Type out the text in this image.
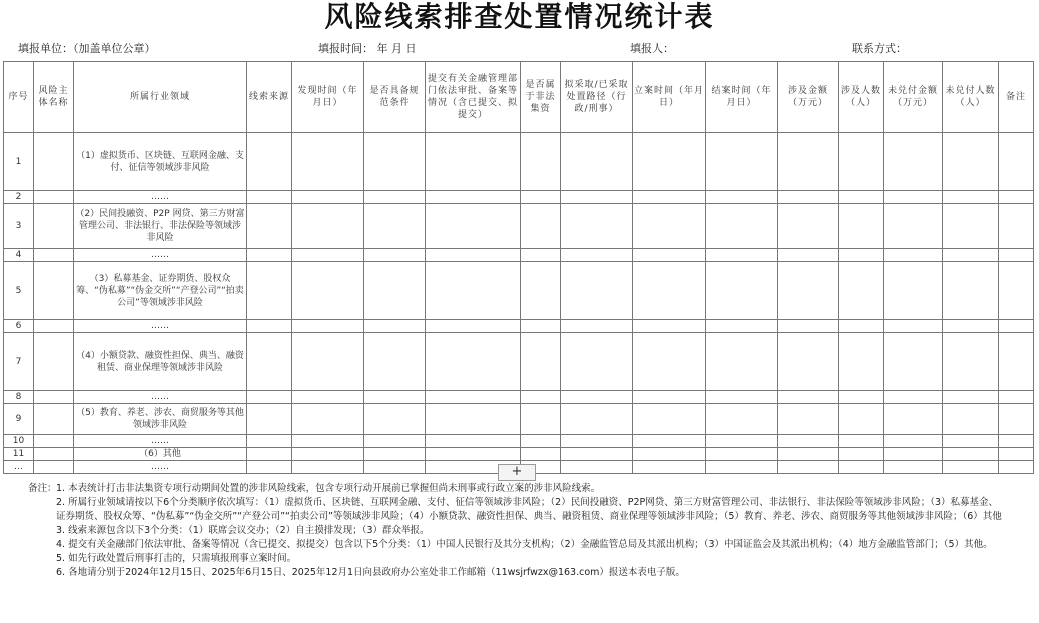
风险线索排查处置情况统计表
填报单位：（加盖单位公章）	填报时间： 年 月 日	填报人：	联系方式：
序号	风险主体名称	所属行业领域	线索来源	发现时间（年月日）	是否具备规范条件	提交有关金融管理部门依法审批、备案等情况（含已提交、拟提交）	是否属于非法集资	拟采取/已采取处置路径（行政/刑事）	立案时间（年月日）	结案时间（年月日）	涉及金额（万元）	涉及人数（人）	未兑付金额（万元）	未兑付人数（人）	备注
1		（1）虚拟货币、区块链、互联网金融、支付、征信等领域涉非风险													
2		……													
3		（2）民间投融资、P2P 网贷、第三方财富管理公司、非法银行、非法保险等领域涉非风险													
4		……													
5		（3）私募基金、证券期货、股权众筹、“伪私募”“伪金交所”“产登公司”“拍卖公司”等领域涉非风险													
6		……													
7		（4）小额贷款、融资性担保、典当、融资租赁、商业保理等领域涉非风险													
8		……													
9		（5）教育、养老、涉农、商贸服务等其他领域涉非风险													
10		……													
11		（6）其他													
…		……														+
备注： 1. 本表统计打击非法集资专项行动期间处置的涉非风险线索，包含专项行动开展前已掌握但尚未刑事或行政立案的涉非风险线索。
2. 所属行业领域请按以下6个分类顺序依次填写：（1）虚拟货币、区块链、互联网金融、支付、征信等领域涉非风险；（2）民间投融资、P2P网贷、第三方财富管理公司、非法银行、非法保险等领域涉非风险；（3）私募基金、证券期货、股权众筹、“伪私募”“伪金交所”“产登公司”“拍卖公司”等领域涉非风险；（4）小额贷款、融资性担保、典当、融资租赁、商业保理等领域涉非风险；（5）教育、养老、涉农、商贸服务等其他领域涉非风险；（6）其他
3. 线索来源包含以下3个分类：（1）联席会议交办；（2）自主摸排发现；（3）群众举报。
4. 提交有关金融部门依法审批、备案等情况（含已提交、拟提交）包含以下5个分类：（1）中国人民银行及其分支机构；（2）金融监管总局及其派出机构；（3）中国证监会及其派出机构；（4）地方金融监管部门；（5）其他。
5. 如先行政处置后刑事打击的，只需填报刑事立案时间。
6. 各地请分别于2024年12月15日、2025年6月15日、2025年12月1日向县政府办公室处非工作邮箱（11wsjrfwzx@163.com）报送本表电子版。
